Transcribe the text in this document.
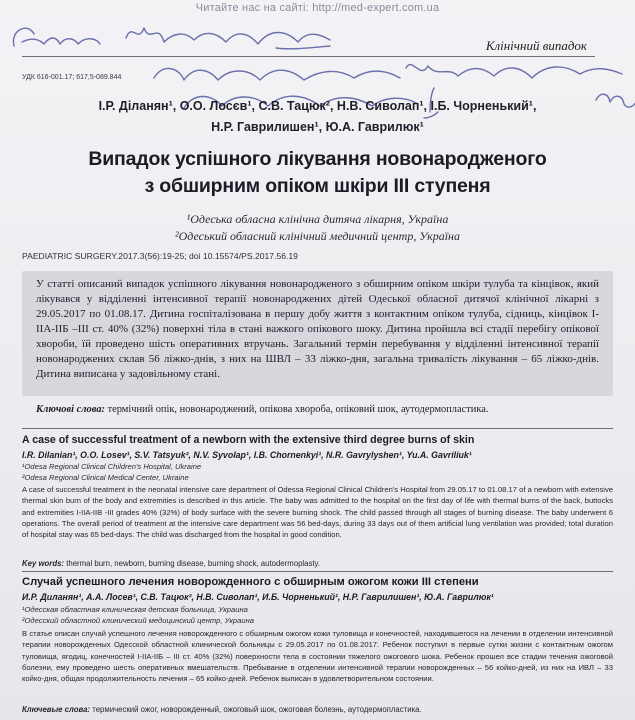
Читайте нас на сайті: http://med-expert.com.ua
Клінічний випадок
УДК 616-001.17; 617,5-089.844
І.Р. Діланян¹, О.О. Лосєв¹, С.В. Тацюк², Н.В. Сиволап¹, І.Б. Чорненький¹,
Н.Р. Гаврилишен¹, Ю.А. Гаврилюк¹
Випадок успішного лікування новонародженого
з обширним опіком шкіри III ступеня
¹Одеська обласна клінічна дитяча лікарня, Україна
²Одеський обласний клінічний медичний центр, Україна
PAEDIATRIC SURGERY.2017.3(56):19-25; doi 10.15574/PS.2017.56.19
У статті описаний випадок успішного лікування новонародженого з обширним опіком шкіри тулуба та кінцівок, який лікувався у відділенні інтенсивної терапії новонароджених дітей Одеської обласної дитячої клінічної лікарні з 29.05.2017 по 01.08.17. Дитина госпіталізована в першу добу життя з контактним опіком тулуба, сідниць, кінцівок I-IIA-IIБ –III ст. 40% (32%) поверхні тіла в стані важкого опікового шоку. Дитина пройшла всі стадії перебігу опікової хвороби, їй проведено шість оперативних втручань. Загальний термін перебування у відділенні інтенсивної терапії новонароджених склав 56 ліжко-днів, з них на ШВЛ – 33 ліжко-дня, загальна тривалість лікування – 65 ліжко-днів. Дитина виписана у задовільному стані.
Ключові слова: термічний опік, новонароджений, опікова хвороба, опіковий шок, аутодермопластика.
A case of successful treatment of a newborn with the extensive third degree burns of skin
I.R. Dilanian¹, O.O. Losev¹, S.V. Tatsyuk², N.V. Syvolap¹, I.B. Chornenkyi¹, N.R. Gavrylyshen¹, Yu.A. Gavriliuk¹
¹Odesa Regional Clinical Children's Hospital, Ukraine
²Odesa Regional Clinical Medical Center, Ukraine
A case of successful treatment in the neonatal intensive care department of Odessa Regional Clinical Children's Hospital from 29.05.17 to 01.08.17 of a newborn with extensive thermal skin burn of the body and extremities is described in this article. The baby was admitted to the hospital on the first day of life with thermal burns of the back, buttocks and extremities I-IIA-IIB -III grades 40% (32%) of body surface with the severe burning shock. The child passed through all stages of burning disease. The baby underwent 6 operations. The overall period of treatment at the intensive care department was 56 bed-days, during 33 days out of them artificial lung ventilation was provided; total duration of hospital stay was 65 bed-days. The child was discharged from the hospital in good condition.
Key words: thermal burn, newborn, burning disease, burning shock, autodermoplasty.
Случай успешного лечения новорожденного с обширным ожогом кожи III степени
И.Р. Диланян¹, А.А. Лосев¹, С.В. Тацюк², Н.В. Сиволап¹, И.Б. Чорненький¹, Н.Р. Гаврилишен¹, Ю.А. Гаврилюк¹
¹Одесская областная клиническая детская больница, Украина
²Одесский областной клинический медицинский центр, Украина
В статье описан случай успешного лечения новорожденного с обширным ожогом кожи туловища и конечностей, находившегося на лечении в отделении интенсивной терапии новорожденных Одесской областной клинической больницы с 29.05.2017 по 01.08.2017. Ребенок поступил в первые сутки жизни с контактным ожогом туловища, ягодиц, конечностей I-IIA-IIБ – III ст. 40% (32%) поверхности тела в состоянии тяжелого ожогового шока. Ребенок прошел все стадии течения ожоговой болезни, ему проведено шесть оперативных вмешательств. Пребывание в отделении интенсивной терапии новорожденных – 56 койко-дней, из них на ИВЛ – 33 койко-дня, общая продолжительность лечения – 65 койко-дней. Ребенок выписан в удовлетворительном состоянии.
Ключевые слова: термический ожог, новорожденный, ожоговый шок, ожоговая болезнь, аутодермопластика.
